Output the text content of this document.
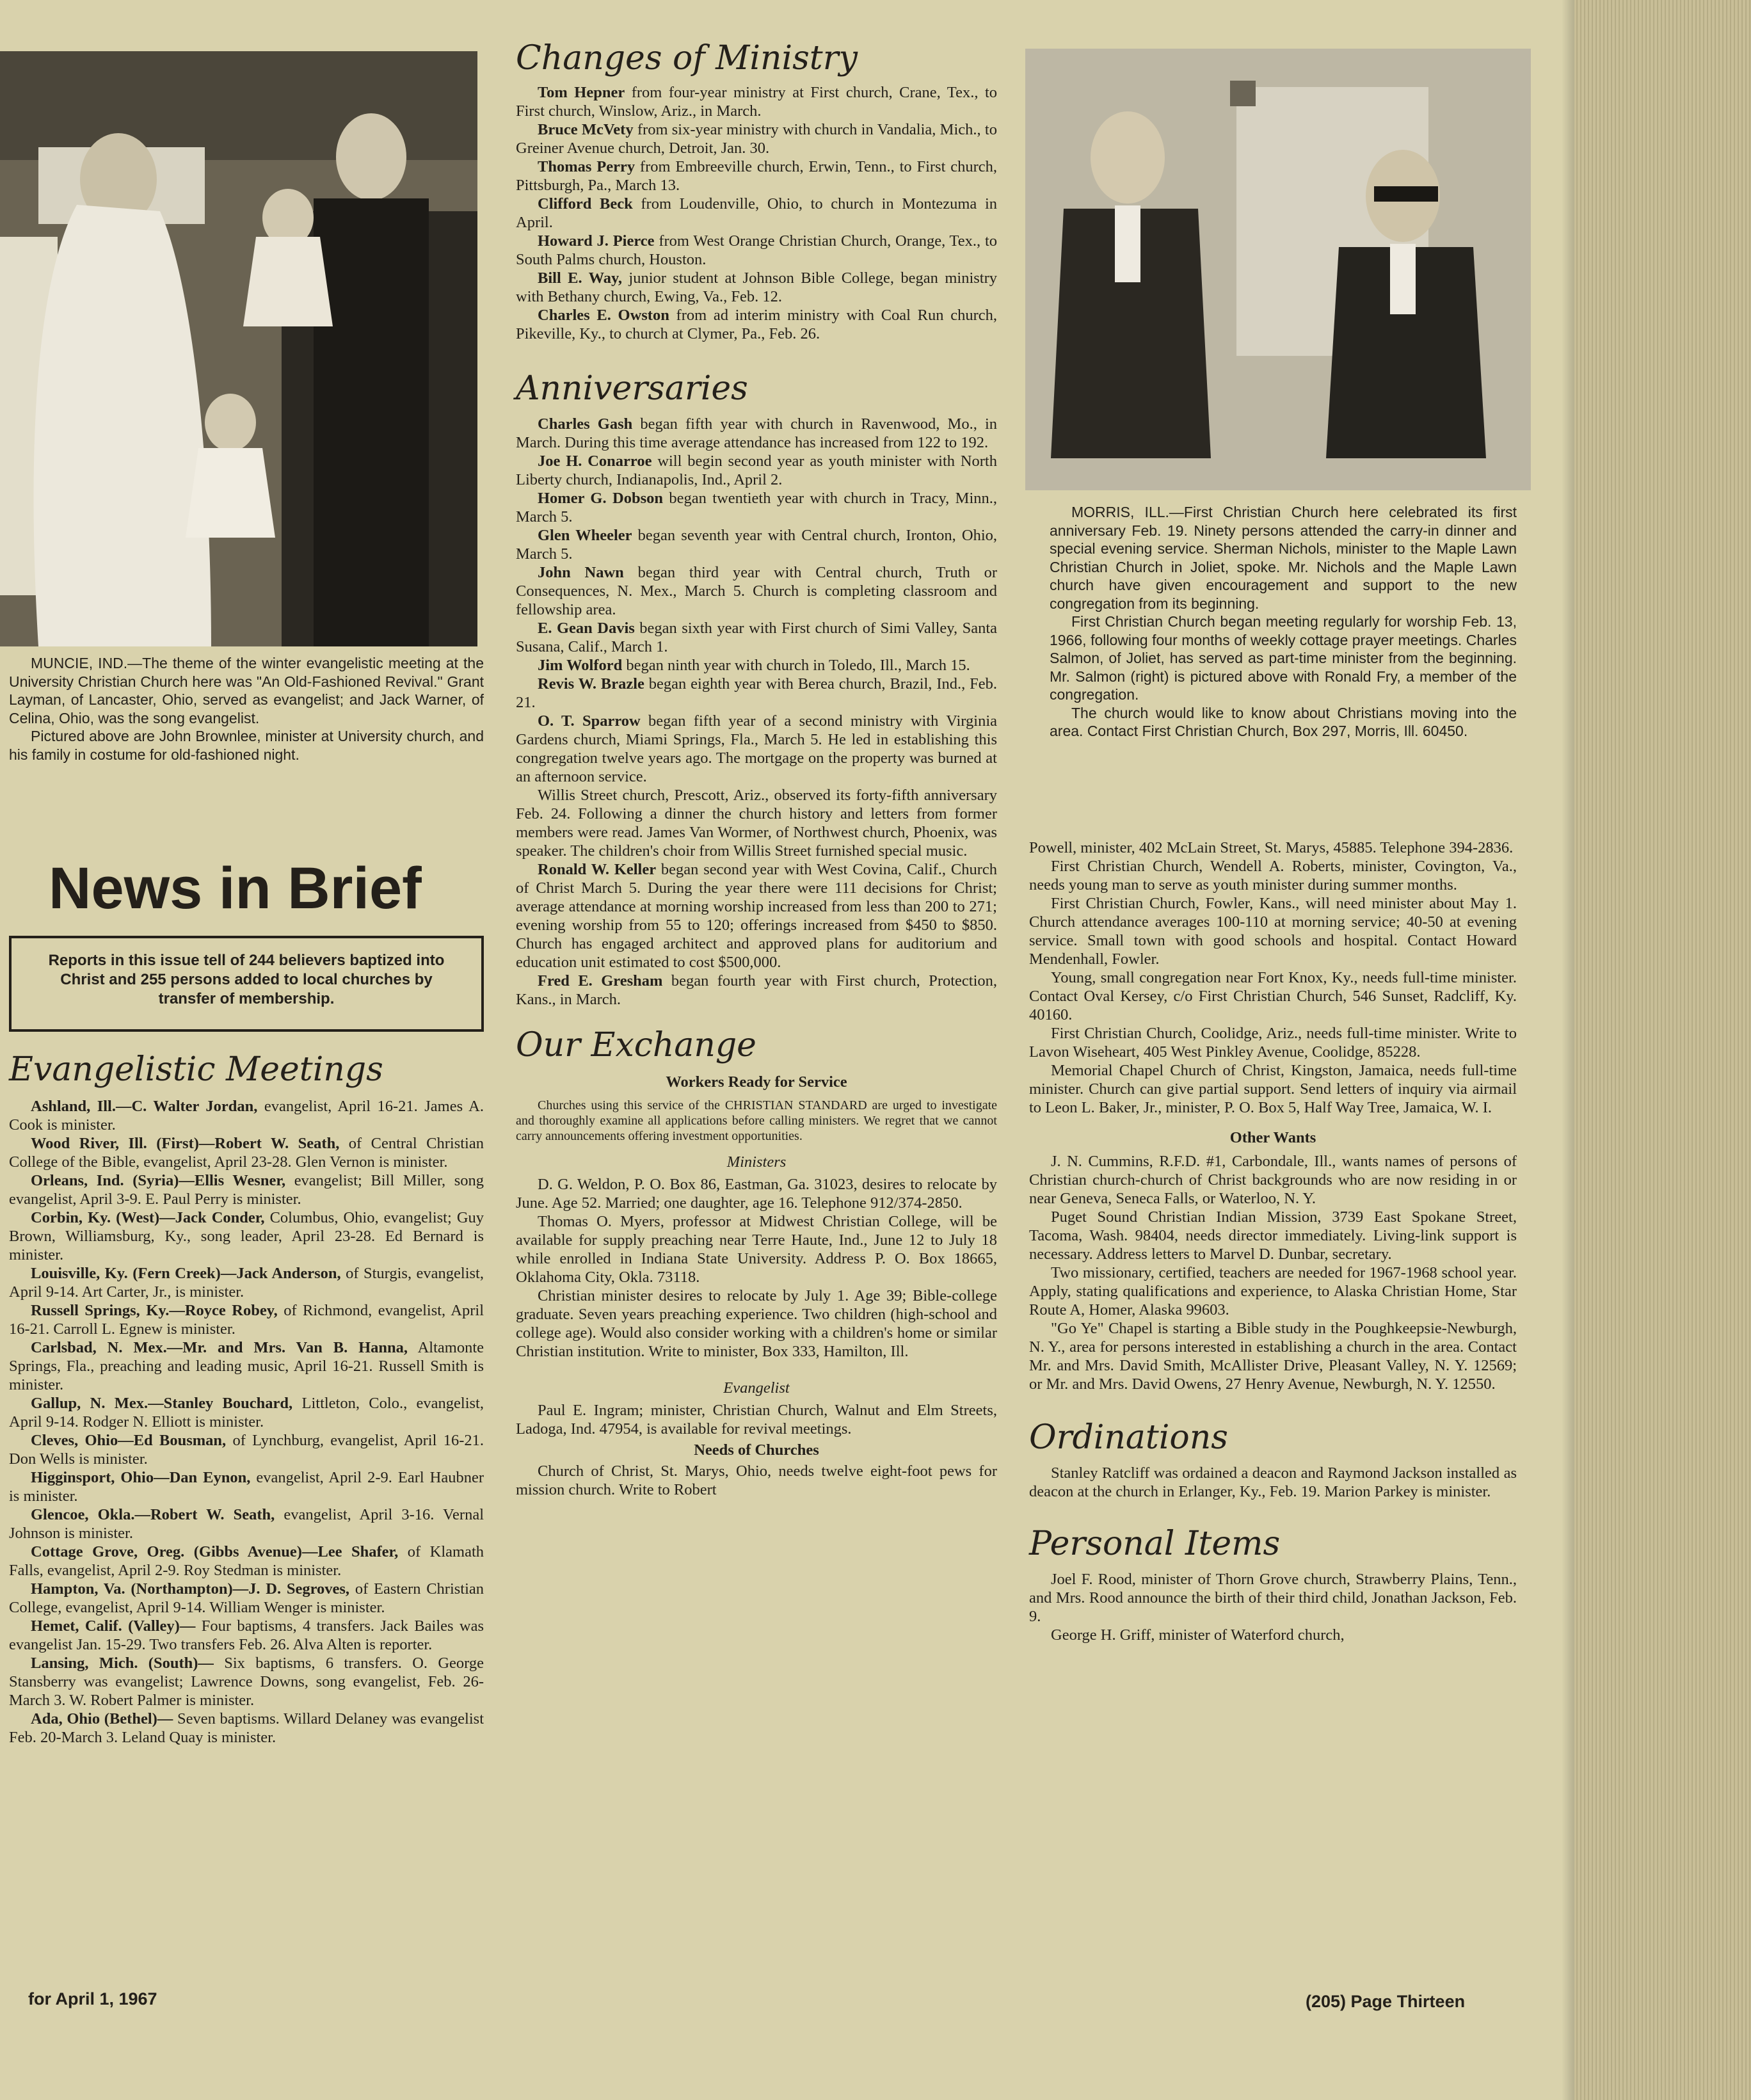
MUNCIE, IND.—The theme of the winter evangelistic meeting at the University Christian Church here was "An Old-Fashioned Revival." Grant Layman, of Lancaster, Ohio, served as evangelist; and Jack Warner, of Celina, Ohio, was the song evangelist.

Pictured above are John Brownlee, minister at University church, and his family in costume for old-fashioned night.

News in Brief
Reports in this issue tell of 244 believers baptized into Christ and 255 persons added to local churches by transfer of membership.

Evangelistic Meetings

Ashland, Ill.—C. Walter Jordan, evangelist, April 16-21. James A. Cook is minister.

Wood River, Ill. (First)—Robert W. Seath, of Central Christian College of the Bible, evangelist, April 23-28. Glen Vernon is minister.

Orleans, Ind. (Syria)—Ellis Wesner, evangelist; Bill Miller, song evangelist, April 3-9. E. Paul Perry is minister.

Corbin, Ky. (West)—Jack Conder, Columbus, Ohio, evangelist; Guy Brown, Williamsburg, Ky., song leader, April 23-28. Ed Bernard is minister.

Louisville, Ky. (Fern Creek)—Jack Anderson, of Sturgis, evangelist, April 9-14. Art Carter, Jr., is minister.

Russell Springs, Ky.—Royce Robey, of Richmond, evangelist, April 16-21. Carroll L. Egnew is minister.

Carlsbad, N. Mex.—Mr. and Mrs. Van B. Hanna, Altamonte Springs, Fla., preaching and leading music, April 16-21. Russell Smith is minister.

Gallup, N. Mex.—Stanley Bouchard, Littleton, Colo., evangelist, April 9-14. Rodger N. Elliott is minister.

Cleves, Ohio—Ed Bousman, of Lynchburg, evangelist, April 16-21. Don Wells is minister.

Higginsport, Ohio—Dan Eynon, evangelist, April 2-9. Earl Haubner is minister.

Glencoe, Okla.—Robert W. Seath, evangelist, April 3-16. Vernal Johnson is minister.

Cottage Grove, Oreg. (Gibbs Avenue)—Lee Shafer, of Klamath Falls, evangelist, April 2-9. Roy Stedman is minister.

Hampton, Va. (Northampton)—J. D. Segroves, of Eastern Christian College, evangelist, April 9-14. William Wenger is minister.

Hemet, Calif. (Valley)— Four baptisms, 4 transfers. Jack Bailes was evangelist Jan. 15-29. Two transfers Feb. 26. Alva Alten is reporter.

Lansing, Mich. (South)— Six baptisms, 6 transfers. O. George Stansberry was evangelist; Lawrence Downs, song evangelist, Feb. 26-March 3. W. Robert Palmer is minister.

Ada, Ohio (Bethel)— Seven baptisms. Willard Delaney was evangelist Feb. 20-March 3. Leland Quay is minister.

Changes of Ministry

Tom Hepner from four-year ministry at First church, Crane, Tex., to First church, Winslow, Ariz., in March.

Bruce McVety from six-year ministry with church in Vandalia, Mich., to Greiner Avenue church, Detroit, Jan. 30.

Thomas Perry from Embreeville church, Erwin, Tenn., to First church, Pittsburgh, Pa., March 13.

Clifford Beck from Loudenville, Ohio, to church in Montezuma in April.

Howard J. Pierce from West Orange Christian Church, Orange, Tex., to South Palms church, Houston.

Bill E. Way, junior student at Johnson Bible College, began ministry with Bethany church, Ewing, Va., Feb. 12.

Charles E. Owston from ad interim ministry with Coal Run church, Pikeville, Ky., to church at Clymer, Pa., Feb. 26.

Anniversaries

Charles Gash began fifth year with church in Ravenwood, Mo., in March. During this time average attendance has increased from 122 to 192.

Joe H. Conarroe will begin second year as youth minister with North Liberty church, Indianapolis, Ind., April 2.

Homer G. Dobson began twentieth year with church in Tracy, Minn., March 5.

Glen Wheeler began seventh year with Central church, Ironton, Ohio, March 5.

John Nawn began third year with Central church, Truth or Consequences, N. Mex., March 5. Church is completing classroom and fellowship area.

E. Gean Davis began sixth year with First church of Simi Valley, Santa Susana, Calif., March 1.

Jim Wolford began ninth year with church in Toledo, Ill., March 15.

Revis W. Brazle began eighth year with Berea church, Brazil, Ind., Feb. 21.

O. T. Sparrow began fifth year of a second ministry with Virginia Gardens church, Miami Springs, Fla., March 5. He led in establishing this congregation twelve years ago. The mortgage on the property was burned at an afternoon service.

Willis Street church, Prescott, Ariz., observed its forty-fifth anniversary Feb. 24. Following a dinner the church history and letters from former members were read. James Van Wormer, of Northwest church, Phoenix, was speaker. The children's choir from Willis Street furnished special music.

Ronald W. Keller began second year with West Covina, Calif., Church of Christ March 5. During the year there were 111 decisions for Christ; average attendance at morning worship increased from less than 200 to 271; evening worship from 55 to 120; offerings increased from $450 to $850. Church has engaged architect and approved plans for auditorium and education unit estimated to cost $500,000.

Fred E. Gresham began fourth year with First church, Protection, Kans., in March.

Our Exchange

Workers Ready for Service

Churches using this service of the CHRISTIAN STANDARD are urged to investigate and thoroughly examine all applications before calling ministers. We regret that we cannot carry announcements offering investment opportunities.

Ministers

D. G. Weldon, P. O. Box 86, Eastman, Ga. 31023, desires to relocate by June. Age 52. Married; one daughter, age 16. Telephone 912/374-2850.

Thomas O. Myers, professor at Midwest Christian College, will be available for supply preaching near Terre Haute, Ind., June 12 to July 18 while enrolled in Indiana State University. Address P. O. Box 18665, Oklahoma City, Okla. 73118.

Christian minister desires to relocate by July 1. Age 39; Bible-college graduate. Seven years preaching experience. Two children (high-school and college age). Would also consider working with a children's home or similar Christian institution. Write to minister, Box 333, Hamilton, Ill.

Evangelist

Paul E. Ingram; minister, Christian Church, Walnut and Elm Streets, Ladoga, Ind. 47954, is available for revival meetings.

Needs of Churches

Church of Christ, St. Marys, Ohio, needs twelve eight-foot pews for mission church. Write to Robert

MORRIS, ILL.—First Christian Church here celebrated its first anniversary Feb. 19. Ninety persons attended the carry-in dinner and special evening service. Sherman Nichols, minister to the Maple Lawn Christian Church in Joliet, spoke. Mr. Nichols and the Maple Lawn church have given encouragement and support to the new congregation from its beginning.

First Christian Church began meeting regularly for worship Feb. 13, 1966, following four months of weekly cottage prayer meetings. Charles Salmon, of Joliet, has served as part-time minister from the beginning. Mr. Salmon (right) is pictured above with Ronald Fry, a member of the congregation.

The church would like to know about Christians moving into the area. Contact First Christian Church, Box 297, Morris, Ill. 60450.

Powell, minister, 402 McLain Street, St. Marys, 45885. Telephone 394-2836.

First Christian Church, Wendell A. Roberts, minister, Covington, Va., needs young man to serve as youth minister during summer months.

First Christian Church, Fowler, Kans., will need minister about May 1. Church attendance averages 100-110 at morning service; 40-50 at evening service. Small town with good schools and hospital. Contact Howard Mendenhall, Fowler.

Young, small congregation near Fort Knox, Ky., needs full-time minister. Contact Oval Kersey, c/o First Christian Church, 546 Sunset, Radcliff, Ky. 40160.

First Christian Church, Coolidge, Ariz., needs full-time minister. Write to Lavon Wiseheart, 405 West Pinkley Avenue, Coolidge, 85228.

Memorial Chapel Church of Christ, Kingston, Jamaica, needs full-time minister. Church can give partial support. Send letters of inquiry via airmail to Leon L. Baker, Jr., minister, P. O. Box 5, Half Way Tree, Jamaica, W. I.

Other Wants

J. N. Cummins, R.F.D. #1, Carbondale, Ill., wants names of persons of Christian church-church of Christ backgrounds who are now residing in or near Geneva, Seneca Falls, or Waterloo, N. Y.

Puget Sound Christian Indian Mission, 3739 East Spokane Street, Tacoma, Wash. 98404, needs director immediately. Living-link support is necessary. Address letters to Marvel D. Dunbar, secretary.

Two missionary, certified, teachers are needed for 1967-1968 school year. Apply, stating qualifications and experience, to Alaska Christian Home, Star Route A, Homer, Alaska 99603.

"Go Ye" Chapel is starting a Bible study in the Poughkeepsie-Newburgh, N. Y., area for persons interested in establishing a church in the area. Contact Mr. and Mrs. David Smith, McAllister Drive, Pleasant Valley, N. Y. 12569; or Mr. and Mrs. David Owens, 27 Henry Avenue, Newburgh, N. Y. 12550.

Ordinations

Stanley Ratcliff was ordained a deacon and Raymond Jackson installed as deacon at the church in Erlanger, Ky., Feb. 19. Marion Parkey is minister.

Personal Items

Joel F. Rood, minister of Thorn Grove church, Strawberry Plains, Tenn., and Mrs. Rood announce the birth of their third child, Jonathan Jackson, Feb. 9.

George H. Griff, minister of Waterford church,

for April 1, 1967	(205) Page Thirteen
